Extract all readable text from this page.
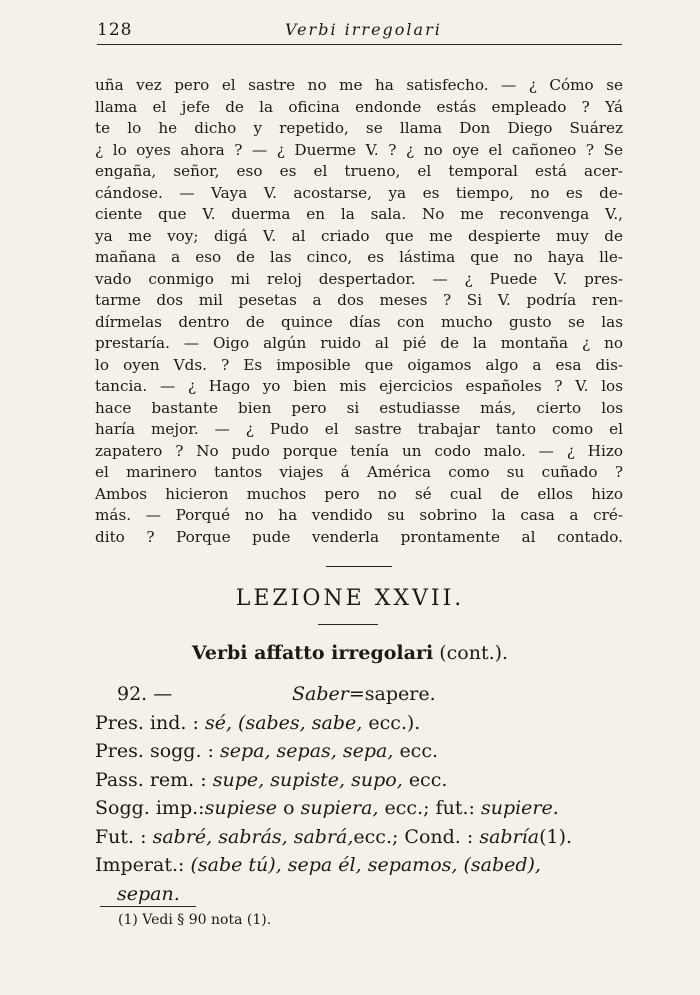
128	Verbi irregolari
uña vez pero el sastre no me ha satisfecho. — ¿ Cómo se
llama el jefe de la oficina endonde estás empleado ? Yá
te lo he dicho y repetido, se llama Don Diego Suárez
¿ lo oyes ahora ? — ¿ Duerme V. ? ¿ no oye el cañoneo ? Se
engaña, señor, eso es el trueno, el temporal está acer-
cándose. — Vaya V. acostarse, ya es tiempo, no es de-
ciente que V. duerma en la sala. No me reconvenga V.,
ya me voy; digá V. al criado que me despierte muy de
mañana a eso de las cinco, es lástima que no haya lle-
vado conmigo mi reloj despertador. — ¿ Puede V. pres-
tarme dos mil pesetas a dos meses ? Si V. podría ren-
dírmelas dentro de quince días con mucho gusto se las
prestaría. — Oigo algún ruido al pié de la montaña ¿ no
lo oyen Vds. ? Es imposible que oigamos algo a esa dis-
tancia. — ¿ Hago yo bien mis ejercicios españoles ? V. los
hace bastante bien pero si estudiasse más, cierto los
haría mejor. — ¿ Pudo el sastre trabajar tanto como el
zapatero ? No pudo porque tenía un codo malo. — ¿ Hizo
el marinero tantos viajes á América como su cuñado ?
Ambos hicieron muchos pero no sé cual de ellos hizo
más. — Porqué no ha vendido su sobrino la casa a cré-
dito ? Porque pude venderla prontamente al contado.
LEZIONE XXVII.
Verbi affatto irregolari (cont.).
92. —	Saber=sapere.
Pres. ind. : sé, (sabes, sabe, ecc.).
Pres. sogg. : sepa, sepas, sepa, ecc.
Pass. rem. : supe, supiste, supo, ecc.
Sogg. imp.:supiese o supiera, ecc.; fut.: supiere.
Fut. : sabré, sabrás, sabrá,ecc.; Cond. : sabría(1).
Imperat.: (sabe tú), sepa él, sepamos, (sabed),
sepan.
(1) Vedi § 90 nota (1).
